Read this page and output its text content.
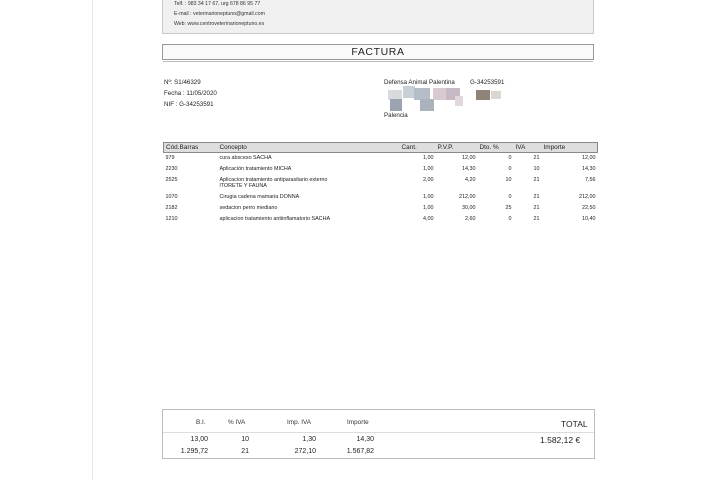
Telf. : 983 34 17 67, urg 678 86 95 77
E-mail : veterinarioneptuno@gmail.com
Web: www.centroveterinarioneptuno.es
FACTURA
Nº: S1/46329
Fecha : 11/05/2020
NIF : G-34253591
Defensa Animal Palentina G-34253591
Palencia
Cód.Barras	Concepto	Cant.	P.V.P.	Dto. %	IVA	Importe
979	cura absceso SACHA	1,00	12,00	0	21	12,00
2230	Aplicación tratamiento MICHA	1,00	14,30	0	10	14,30
2525	Aplicacion tratamiento antiparasitario externo
lTORETE Y FAUNA	2,00	4,20	10	21	7,56
1070	Cirugia cadena mamaria DONNA	1,00	212,00	0	21	212,00
2182	sedacion perro mediano	1,00	30,00	25	21	22,50
1210	aplicacion tratamiento antiinflamatorio SACHA	4,00	2,60	0	21	10,40
B.I.	% IVA	Imp. IVA	Importe
13,00	10	1,30	14,30
1.295,72	21	272,10	1.567,82
TOTAL
1.582,12 €
